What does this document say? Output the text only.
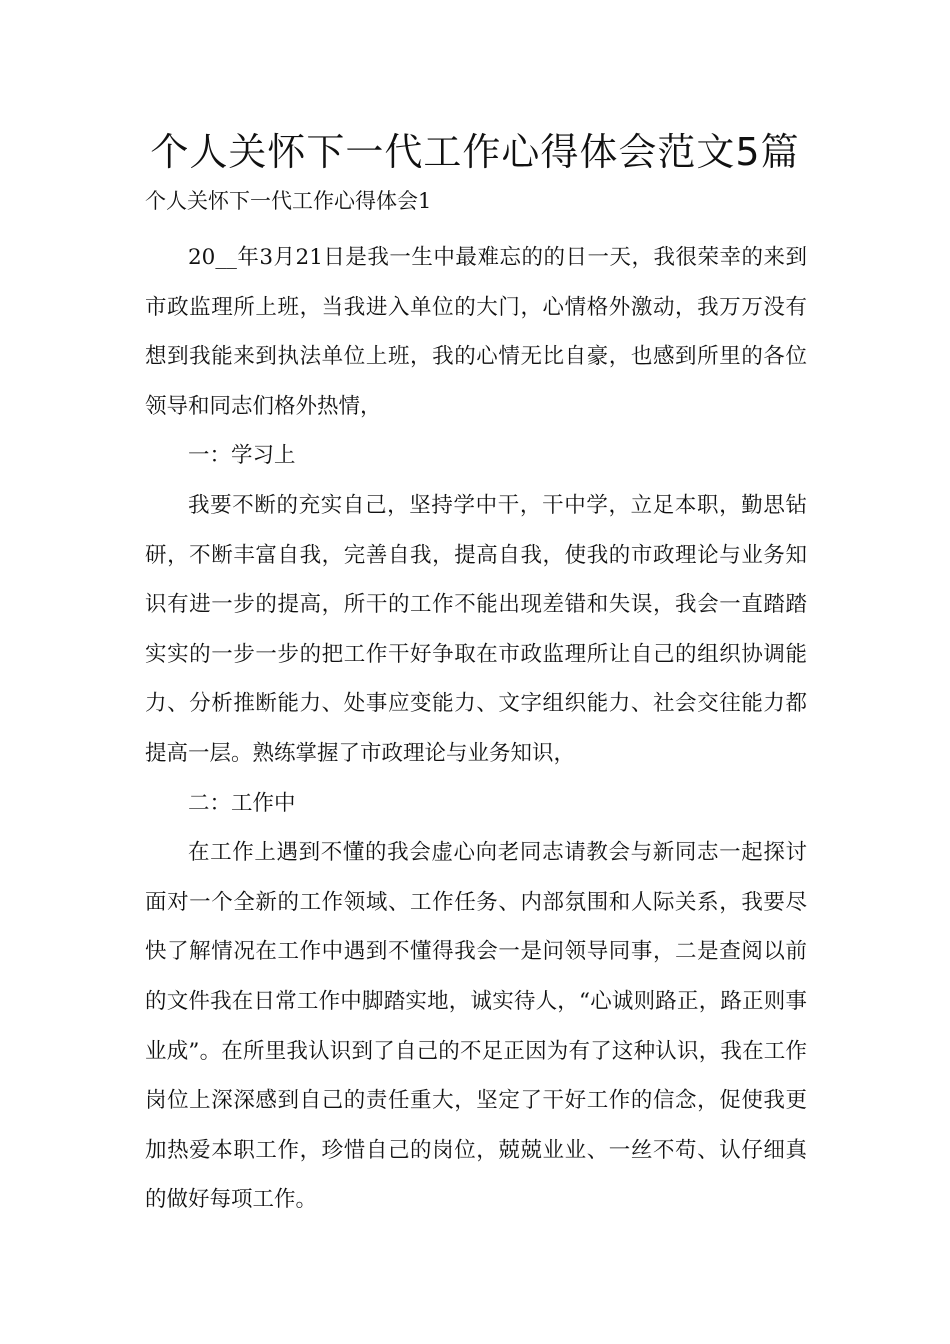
个人关怀下一代工作心得体会范文5篇
个人关怀下一代工作心得体会1

20__年3月21日是我一生中最难忘的的日一天，我很荣幸的来到市政监理所上班，当我进入单位的大门，心情格外激动，我万万没有想到我能来到执法单位上班，我的心情无比自豪，也感到所里的各位领导和同志们格外热情，

一：学习上

我要不断的充实自己，坚持学中干，干中学，立足本职，勤思钻研，不断丰富自我，完善自我，提高自我，使我的市政理论与业务知识有进一步的提高，所干的工作不能出现差错和失误，我会一直踏踏实实的一步一步的把工作干好争取在市政监理所让自己的组织协调能力、分析推断能力、处事应变能力、文字组织能力、社会交往能力都提高一层。熟练掌握了市政理论与业务知识，

二：工作中

在工作上遇到不懂的我会虚心向老同志请教会与新同志一起探讨面对一个全新的工作领域、工作任务、内部氛围和人际关系，我要尽快了解情况在工作中遇到不懂得我会一是问领导同事，二是查阅以前的文件我在日常工作中脚踏实地，诚实待人，“心诚则路正，路正则事业成”。在所里我认识到了自己的不足正因为有了这种认识，我在工作岗位上深深感到自己的责任重大，坚定了干好工作的信念，促使我更加热爱本职工作，珍惜自己的岗位，兢兢业业、一丝不苟、认仔细真的做好每项工作。
